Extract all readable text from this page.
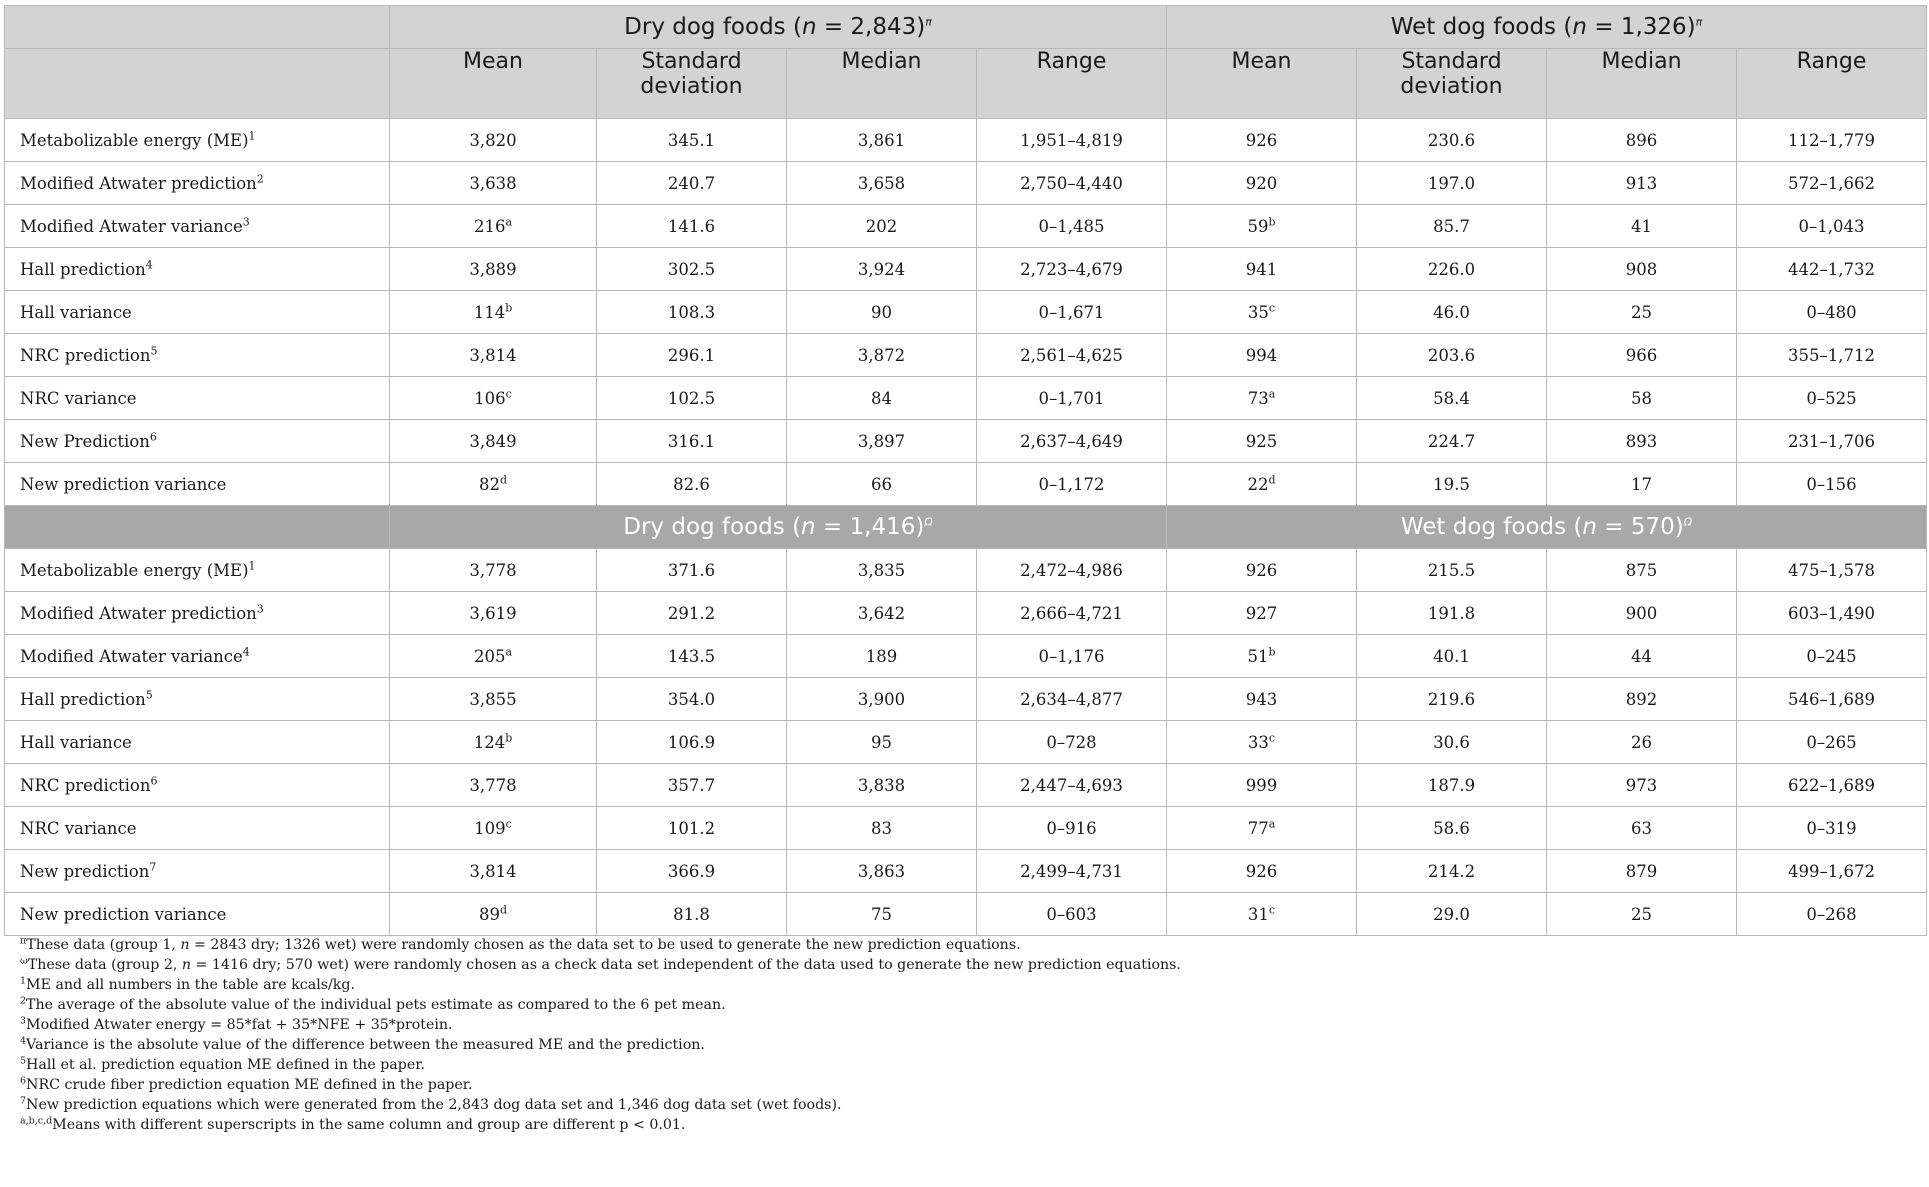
	Dry dog foods (n = 2,843)$^\pi$				Wet dog foods (n = 1,326)$^\pi$
	Mean	Standard deviation	Median	Range	Mean	Standard deviation	Median	Range
Metabolizable energy (ME)$^1$	3,820	345.1	3,861	1,951–4,819	926	230.6	896	112–1,779
Modified Atwater prediction$^2$	3,638	240.7	3,658	2,750–4,440	920	197.0	913	572–1,662
Modified Atwater variance$^3$	216$^a$	141.6	202	0–1,485	59$^b$	85.7	41	0–1,043
Hall prediction$^4$	3,889	302.5	3,924	2,723–4,679	941	226.0	908	442–1,732
Hall variance	114$^b$	108.3	90	0–1,671	35$^c$	46.0	25	0–480
NRC prediction$^5$	3,814	296.1	3,872	2,561–4,625	994	203.6	966	355–1,712
NRC variance	106$^c$	102.5	84	0–1,701	73$^a$	58.4	58	0–525
New Prediction$^6$	3,849	316.1	3,897	2,637–4,649	925	224.7	893	231–1,706
New prediction variance	82$^d$	82.6	66	0–1,172	22$^d$	19.5	17	0–156
	Dry dog foods (n = 1,416)$^\Omega$				Wet dog foods (n = 570)$^\Omega$
Metabolizable energy (ME)$^1$	3,778	371.6	3,835	2,472–4,986	926	215.5	875	475–1,578
Modified Atwater prediction$^3$	3,619	291.2	3,642	2,666–4,721	927	191.8	900	603–1,490
Modified Atwater variance$^4$	205$^a$	143.5	189	0–1,176	51$^b$	40.1	44	0–245
Hall prediction$^5$	3,855	354.0	3,900	2,634–4,877	943	219.6	892	546–1,689
Hall variance	124$^b$	106.9	95	0–728	33$^c$	30.6	26	0–265
NRC prediction$^6$	3,778	357.7	3,838	2,447–4,693	999	187.9	973	622–1,689
NRC variance	109$^c$	101.2	83	0–916	77$^a$	58.6	63	0–319
New prediction$^7$	3,814	366.9	3,863	2,499–4,731	926	214.2	879	499–1,672
New prediction variance	89$^d$	81.8	75	0–603	31$^c$	29.0	25	0–268
$^\pi$These data (group 1, n = 2843 dry; 1326 wet) were randomly chosen as the data set to be used to generate the new prediction equations.
$^\omega$These data (group 2, n = 1416 dry; 570 wet) were randomly chosen as a check data set independent of the data used to generate the new prediction equations.
$^1$ME and all numbers in the table are kcals/kg.
$^2$The average of the absolute value of the individual pets estimate as compared to the 6 pet mean.
$^3$Modified Atwater energy = 85*fat + 35*NFE + 35*protein.
$^4$Variance is the absolute value of the difference between the measured ME and the prediction.
$^5$Hall et al. prediction equation ME defined in the paper.
$^6$NRC crude fiber prediction equation ME defined in the paper.
$^7$New prediction equations which were generated from the 2,843 dog data set and 1,346 dog data set (wet foods).
$^{a,b,c,d}$Means with different superscripts in the same column and group are different p < 0.01.
